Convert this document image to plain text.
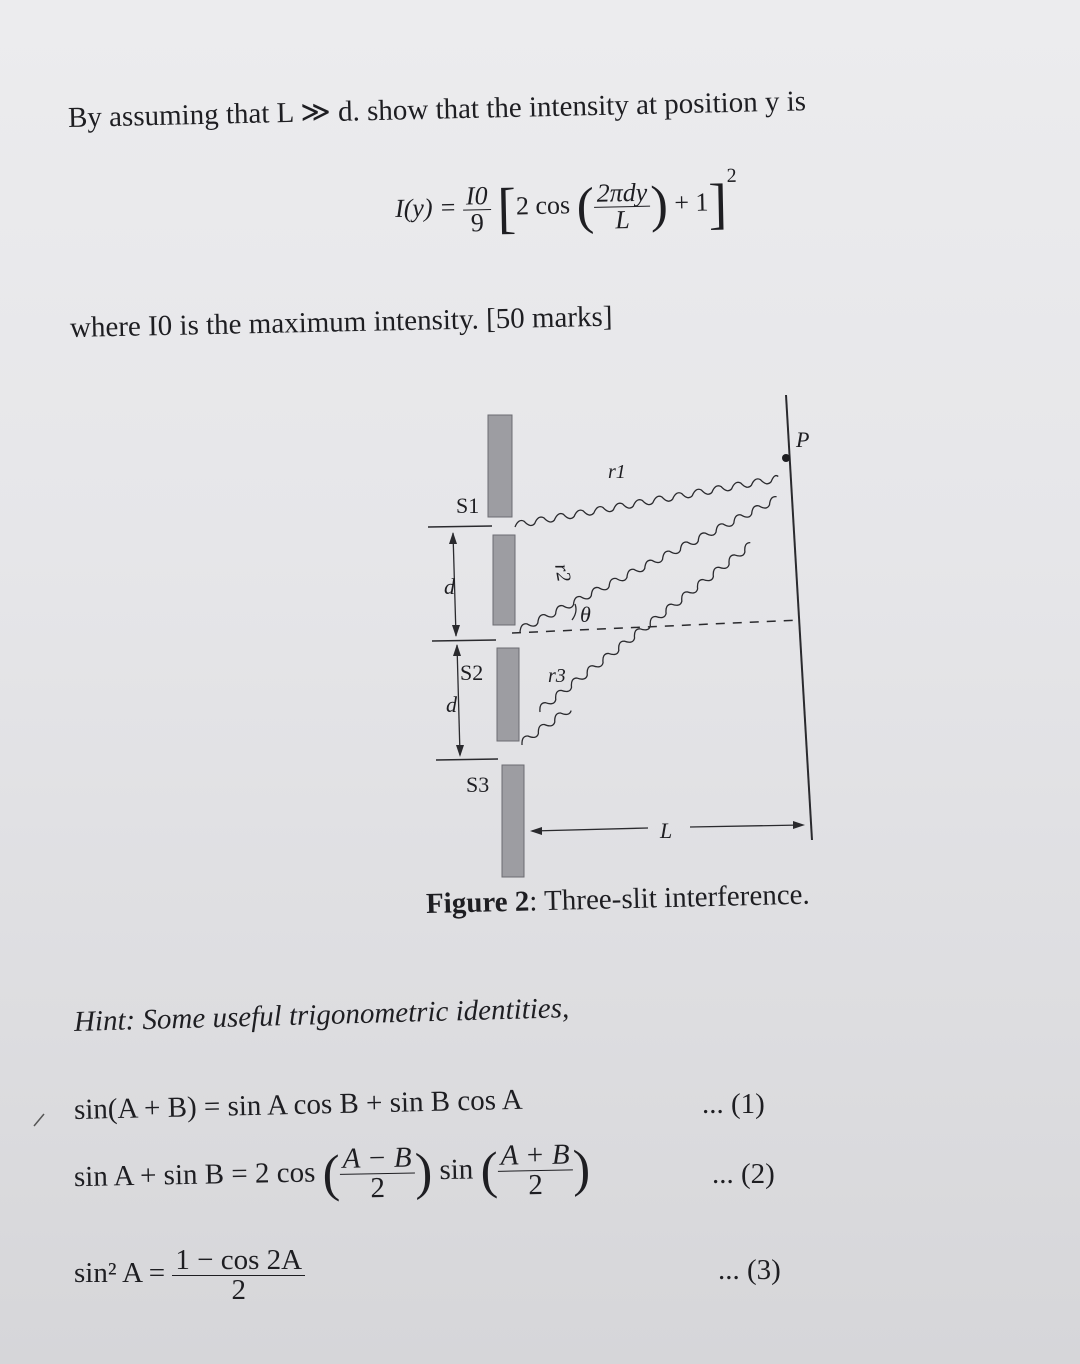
By assuming that L ≫ d. show that the intensity at position y is
$I(y) = \frac{I0}{9} [2$ cos (
$\frac{\text{2πdy}}{L}$
) + 1]$^2$
where I0 is the maximum intensity. [50 marks]
S1
d
S2
d
S3
r1
r2
θ
r3
P
L
Figure 2: Three-slit interference.
Hint: Some useful trigonometric identities,
sin(A + B) = sin A cos B + sin B cos A	... (1)
sin A + sin B = 2 cos (
$\frac{A - B}{2}$
) sin (
$\frac{A + B}{2}$
)	... (2)
sin² $A = \frac{1 - \cos 2A}{2}$	... (3)
